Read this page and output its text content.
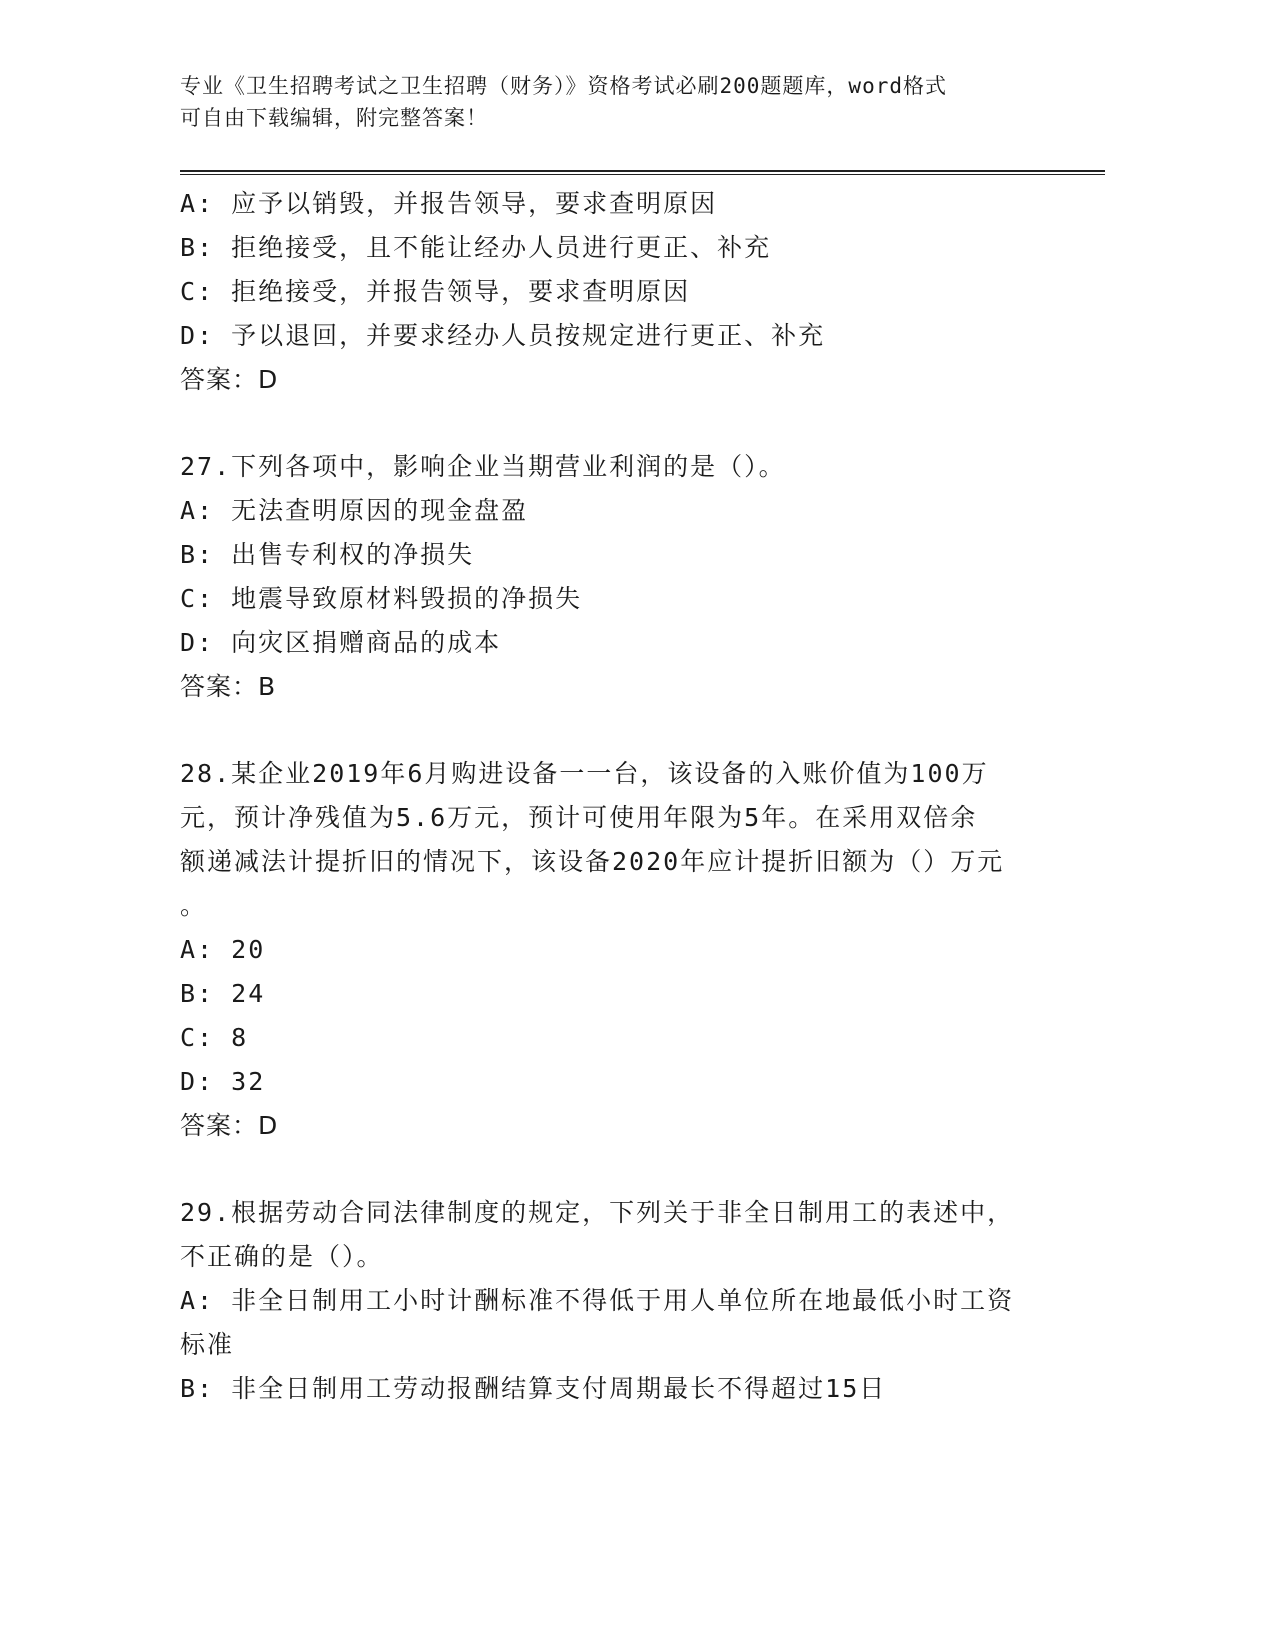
专业《卫生招聘考试之卫生招聘（财务）》资格考试必刷200题题库，word格式
可自由下载编辑，附完整答案！
A: 应予以销毁，并报告领导，要求查明原因
B: 拒绝接受，且不能让经办人员进行更正、补充
C: 拒绝接受，并报告领导，要求查明原因
D: 予以退回，并要求经办人员按规定进行更正、补充
答案：D
27.下列各项中，影响企业当期营业利润的是（）。
A: 无法查明原因的现金盘盈
B: 出售专利权的净损失
C: 地震导致原材料毁损的净损失
D: 向灾区捐赠商品的成本
答案：B
28.某企业2019年6月购进设备一一台，该设备的入账价值为100万
元，预计净残值为5.6万元，预计可使用年限为5年。在采用双倍余
额递减法计提折旧的情况下，该设备2020年应计提折旧额为（）万元
。
A: 20
B: 24
C: 8
D: 32
答案：D
29.根据劳动合同法律制度的规定，下列关于非全日制用工的表述中，
不正确的是（）。
A: 非全日制用工小时计酬标准不得低于用人单位所在地最低小时工资
标准
B: 非全日制用工劳动报酬结算支付周期最长不得超过15日
